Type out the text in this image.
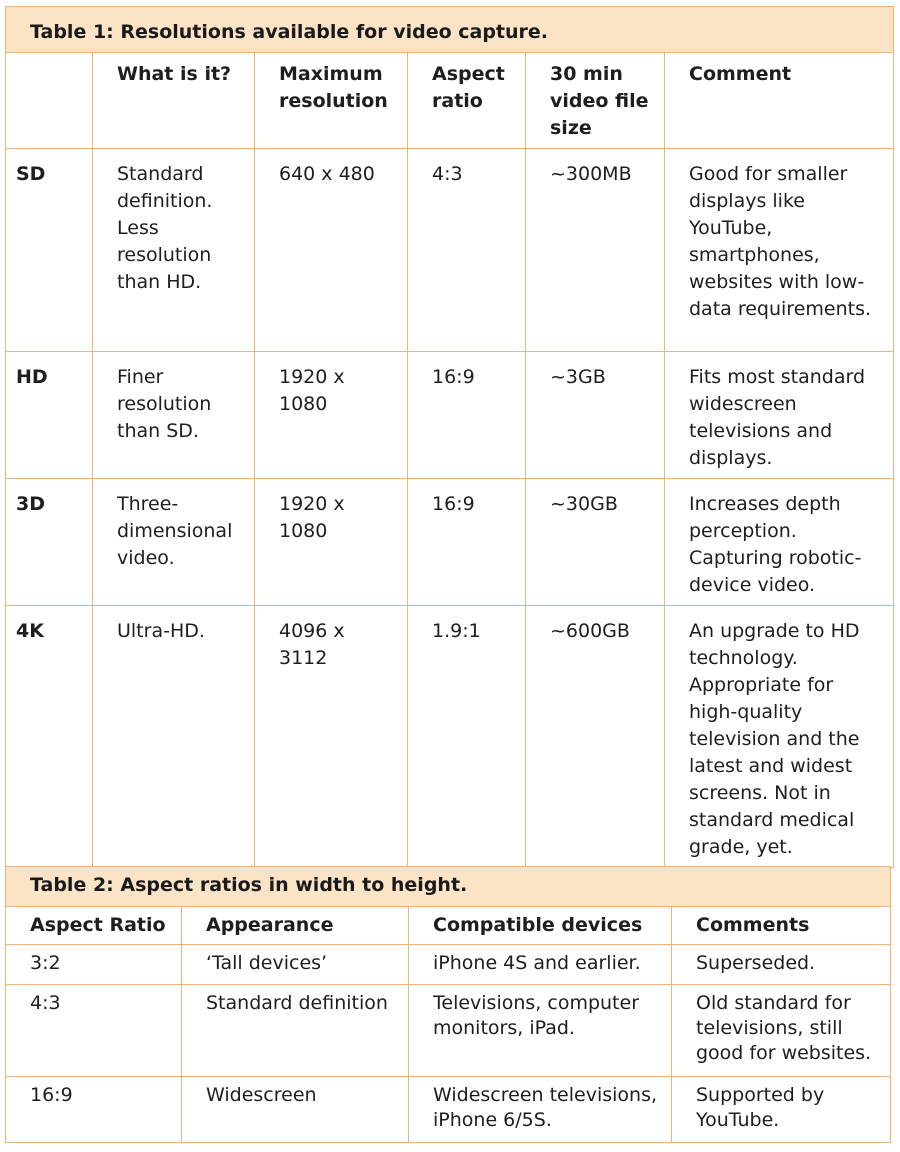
Table 1: Resolutions available for video capture.					
	What is it?	Maximum resolution	Aspect ratio	30 min video file size	Comment
SD	Standard definition. Less resolution than HD.	640 x 480	4:3	~300MB	Good for smaller displays like YouTube, smartphones, websites with low-data requirements.
HD	Finer resolution than SD.	1920 x 1080	16:9	~3GB	Fits most standard widescreen televisions and displays.
3D	Three-dimensional video.	1920 x 1080	16:9	~30GB	Increases depth perception. Capturing robotic-device video.
4K	Ultra-HD.	4096 x 3112	1.9:1	~600GB	An upgrade to HD technology. Appropriate for high-quality television and the latest and widest screens. Not in standard medical grade, yet.
Table 2: Aspect ratios in width to height.			
Aspect Ratio	Appearance	Compatible devices	Comments
3:2	‘Tall devices’	iPhone 4S and earlier.	Superseded.
4:3	Standard definition	Televisions, computer monitors, iPad.	Old standard for televisions, still good for websites.
16:9	Widescreen	Widescreen televisions, iPhone 6/5S.	Supported by YouTube.
